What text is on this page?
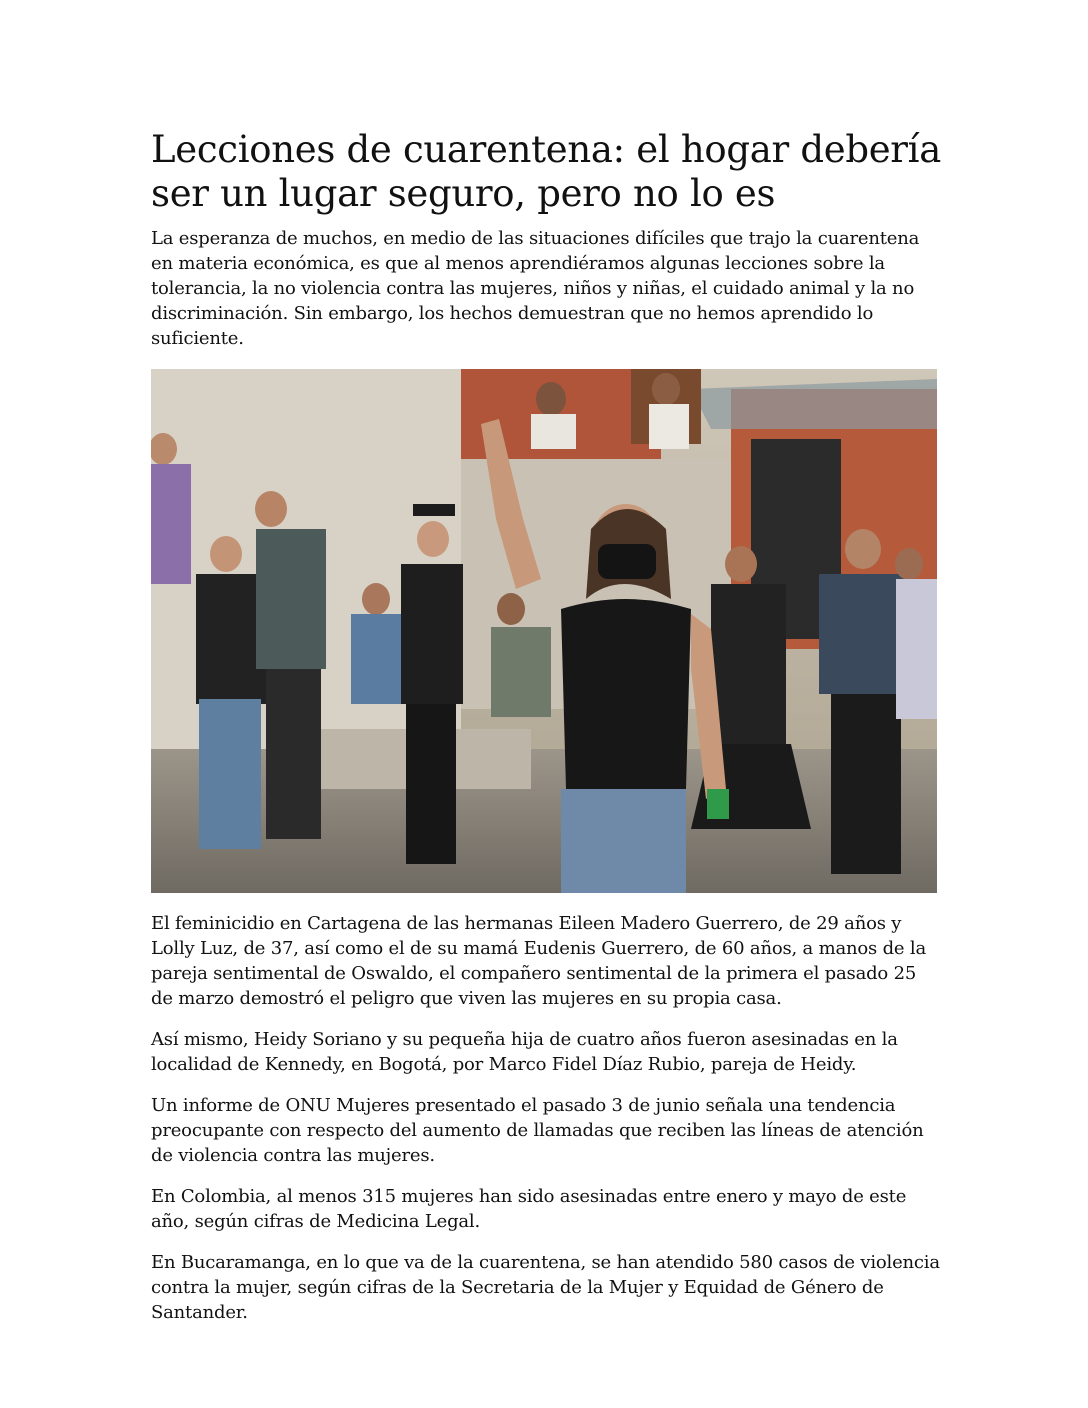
Lecciones de cuarentena: el hogar debería ser un lugar seguro, pero no lo es

La esperanza de muchos, en medio de las situaciones difíciles que trajo la cuarentena en materia económica, es que al menos aprendiéramos algunas lecciones sobre la tolerancia, la no violencia contra las mujeres, niños y niñas, el cuidado animal y la no discriminación. Sin embargo, los hechos demuestran que no hemos aprendido lo suficiente.

El feminicidio en Cartagena de las hermanas Eileen Madero Guerrero, de 29 años y Lolly Luz, de 37, así como el de su mamá Eudenis Guerrero, de 60 años, a manos de la pareja sentimental de Oswaldo, el compañero sentimental de la primera el pasado 25 de marzo demostró el peligro que viven las mujeres en su propia casa.

Así mismo, Heidy Soriano y su pequeña hija de cuatro años fueron asesinadas en la localidad de Kennedy, en Bogotá, por Marco Fidel Díaz Rubio, pareja de Heidy.

Un informe de ONU Mujeres presentado el pasado 3 de junio señala una tendencia preocupante con respecto del aumento de llamadas que reciben las líneas de atención de violencia contra las mujeres.

En Colombia, al menos 315 mujeres han sido asesinadas entre enero y mayo de este año, según cifras de Medicina Legal.

En Bucaramanga, en lo que va de la cuarentena, se han atendido 580 casos de violencia contra la mujer, según cifras de la Secretaria de la Mujer y Equidad de Género de Santander.
